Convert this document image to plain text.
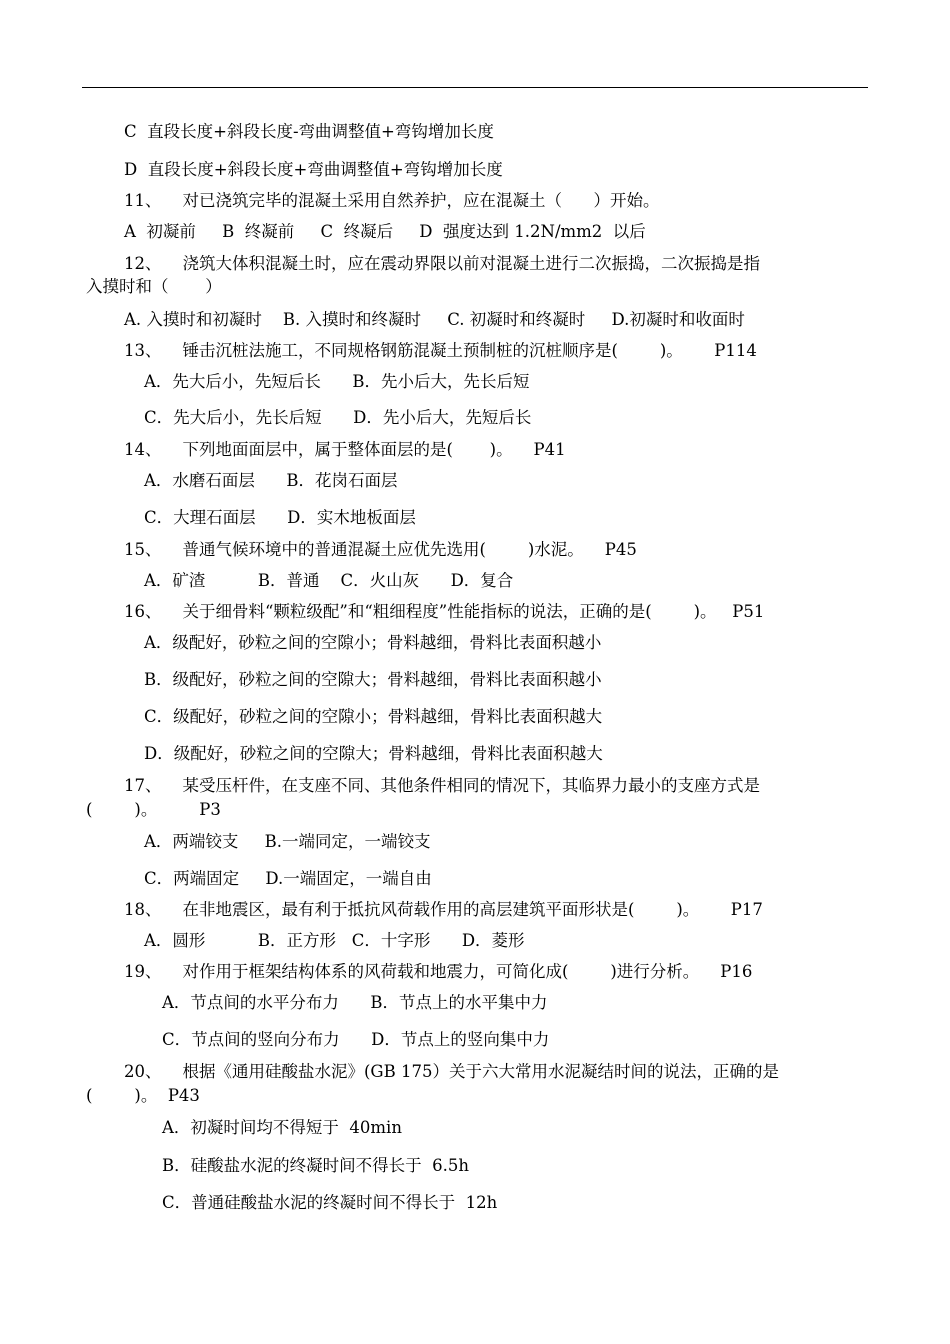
C  直段长度+斜段长度-弯曲调整值+弯钩增加长度
D  直段长度+斜段长度+弯曲调整值+弯钩增加长度
11、    对已浇筑完毕的混凝土采用自然养护，应在混凝土（      ）开始。
A  初凝前     B  终凝前     C  终凝后     D  强度达到 1.2N/mm2  以后
12、    浇筑大体积混凝土时，应在震动界限以前对混凝土进行二次振捣，二次振捣是指
入摸时和（       ）
A. 入摸时和初凝时    B. 入摸时和终凝时     C. 初凝时和终凝时     D.初凝时和收面时
13、    锤击沉桩法施工，不同规格钢筋混凝土预制桩的沉桩顺序是(        )。      P114
A．先大后小，先短后长      B．先小后大，先长后短
C．先大后小，先长后短      D．先小后大，先短后长
14、    下列地面面层中，属于整体面层的是(       )。    P41
A．水磨石面层      B．花岗石面层
C．大理石面层      D．实木地板面层
15、    普通气候环境中的普通混凝土应优先选用(        )水泥。    P45
A．矿渣          B．普通    C．火山灰      D．复合
16、    关于细骨料“颗粒级配”和“粗细程度”性能指标的说法，正确的是(        )。   P51
A．级配好，砂粒之间的空隙小；骨料越细，骨料比表面积越小
B．级配好，砂粒之间的空隙大；骨料越细，骨料比表面积越小
C．级配好，砂粒之间的空隙小；骨料越细，骨料比表面积越大
D．级配好，砂粒之间的空隙大；骨料越细，骨料比表面积越大
17、    某受压杆件，在支座不同、其他条件相同的情况下，其临界力最小的支座方式是
(        )。        P3
A．两端铰支     B.一端同定，一端铰支
C．两端固定     D.一端固定，一端自由
18、    在非地震区，最有利于抵抗风荷载作用的高层建筑平面形状是(        )。      P17
A．圆形          B．正方形   C．十字形      D．菱形
19、    对作用于框架结构体系的风荷载和地震力，可简化成(        )进行分析。    P16
A．节点间的水平分布力      B．节点上的水平集中力
C．节点间的竖向分布力      D．节点上的竖向集中力
20、    根据《通用硅酸盐水泥》(GB 175）关于六大常用水泥凝结时间的说法，正确的是
(        )。  P43
A．初凝时间均不得短于  40min
B．硅酸盐水泥的终凝时间不得长于  6.5h
C．普通硅酸盐水泥的终凝时间不得长于  12h
